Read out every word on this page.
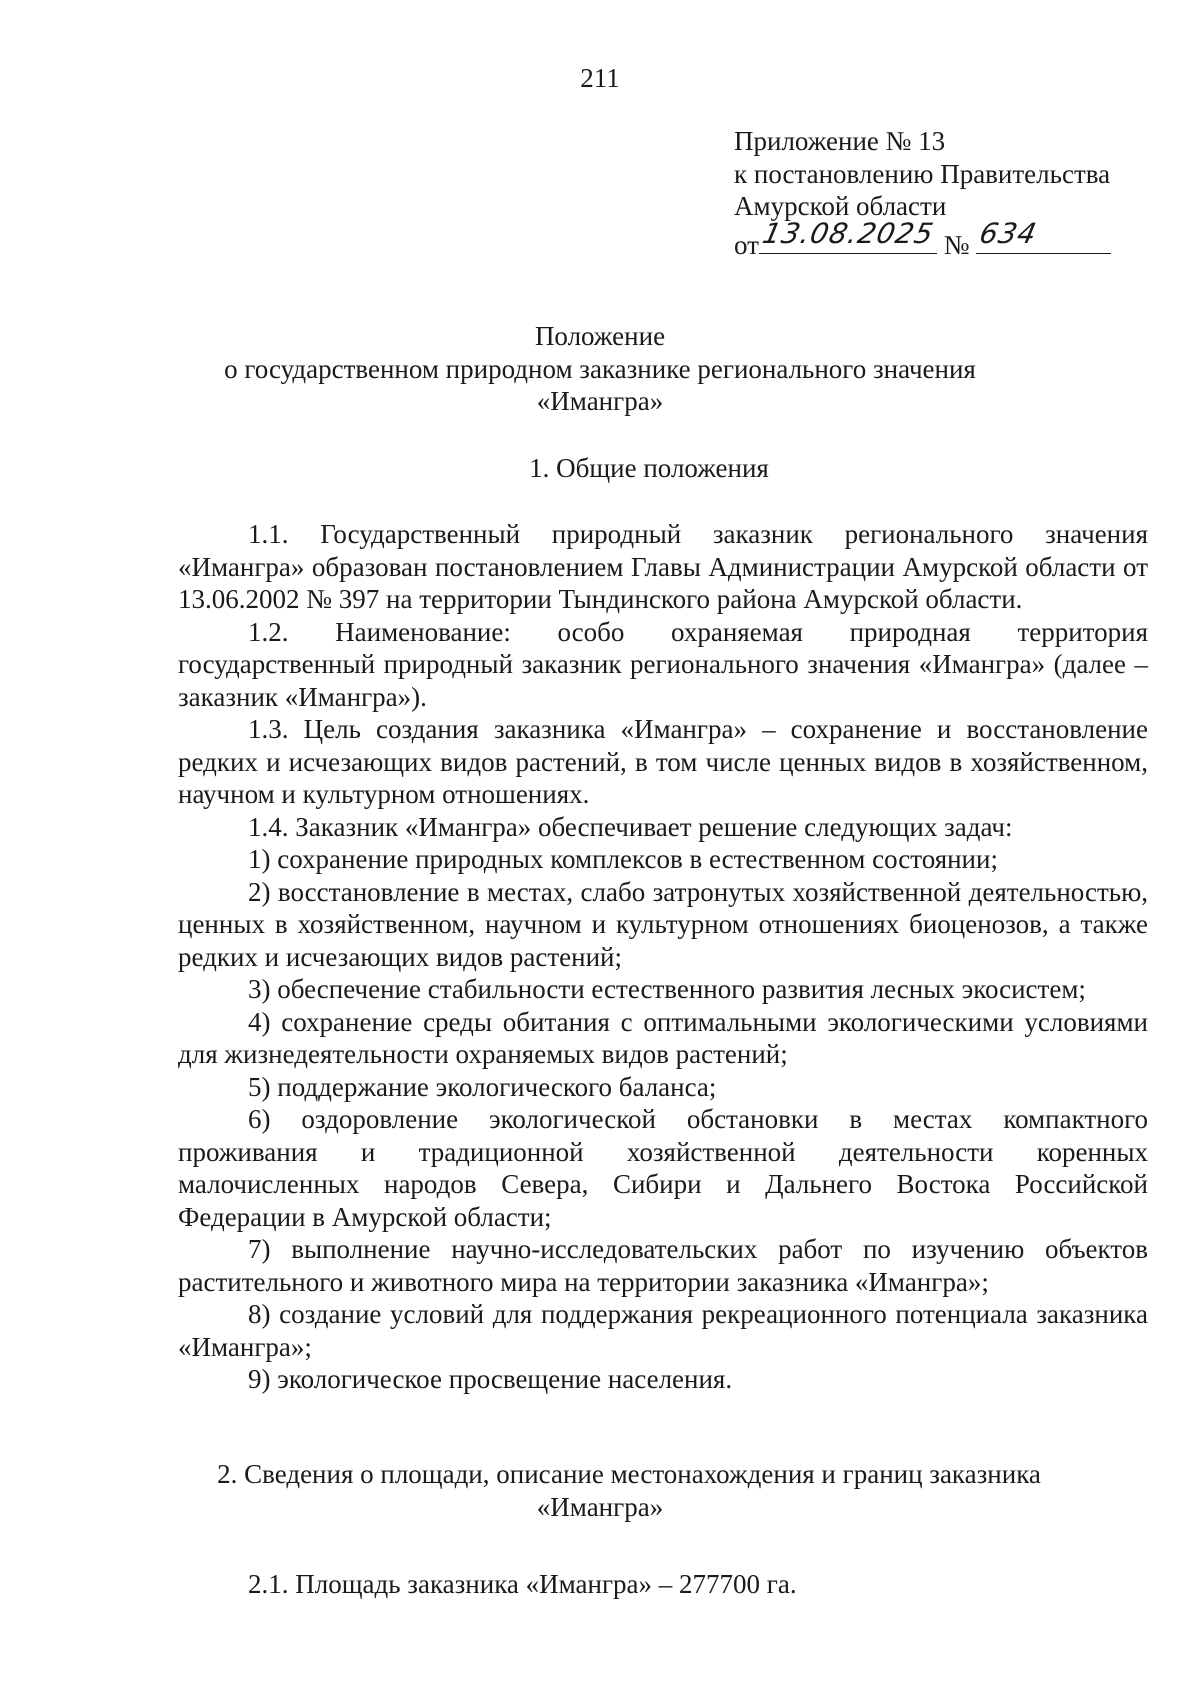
211
Приложение № 13
к постановлению Правительства
Амурской области
от 13.08.2025 № 634
Положение
о государственном природном заказнике регионального значения
«Имангра»
1. Общие положения

1.1. Государственный природный заказник регионального значения «Имангра» образован постановлением Главы Администрации Амурской области от 13.06.2002 № 397 на территории Тындинского района Амурской области.

1.2. Наименование: особо охраняемая природная территория государственный природный заказник регионального значения «Имангра» (далее – заказник «Имангра»).

1.3. Цель создания заказника «Имангра» – сохранение и восстановление редких и исчезающих видов растений, в том числе ценных видов в хозяйственном, научном и культурном отношениях.

1.4. Заказник «Имангра» обеспечивает решение следующих задач:

1) сохранение природных комплексов в естественном состоянии;

2) восстановление в местах, слабо затронутых хозяйственной деятельностью, ценных в хозяйственном, научном и культурном отношениях биоценозов, а также редких и исчезающих видов растений;

3) обеспечение стабильности естественного развития лесных экосистем;

4) сохранение среды обитания с оптимальными экологическими условиями для жизнедеятельности охраняемых видов растений;

5) поддержание экологического баланса;

6) оздоровление экологической обстановки в местах компактного проживания и традиционной хозяйственной деятельности коренных малочисленных народов Севера, Сибири и Дальнего Востока Российской Федерации в Амурской области;

7) выполнение научно-исследовательских работ по изучению объектов растительного и животного мира на территории заказника «Имангра»;

8) создание условий для поддержания рекреационного потенциала заказника «Имангра»;

9) экологическое просвещение населения.

2. Сведения о площади, описание местонахождения и границ заказника
«Имангра»
2.1. Площадь заказника «Имангра» – 277700 га.
